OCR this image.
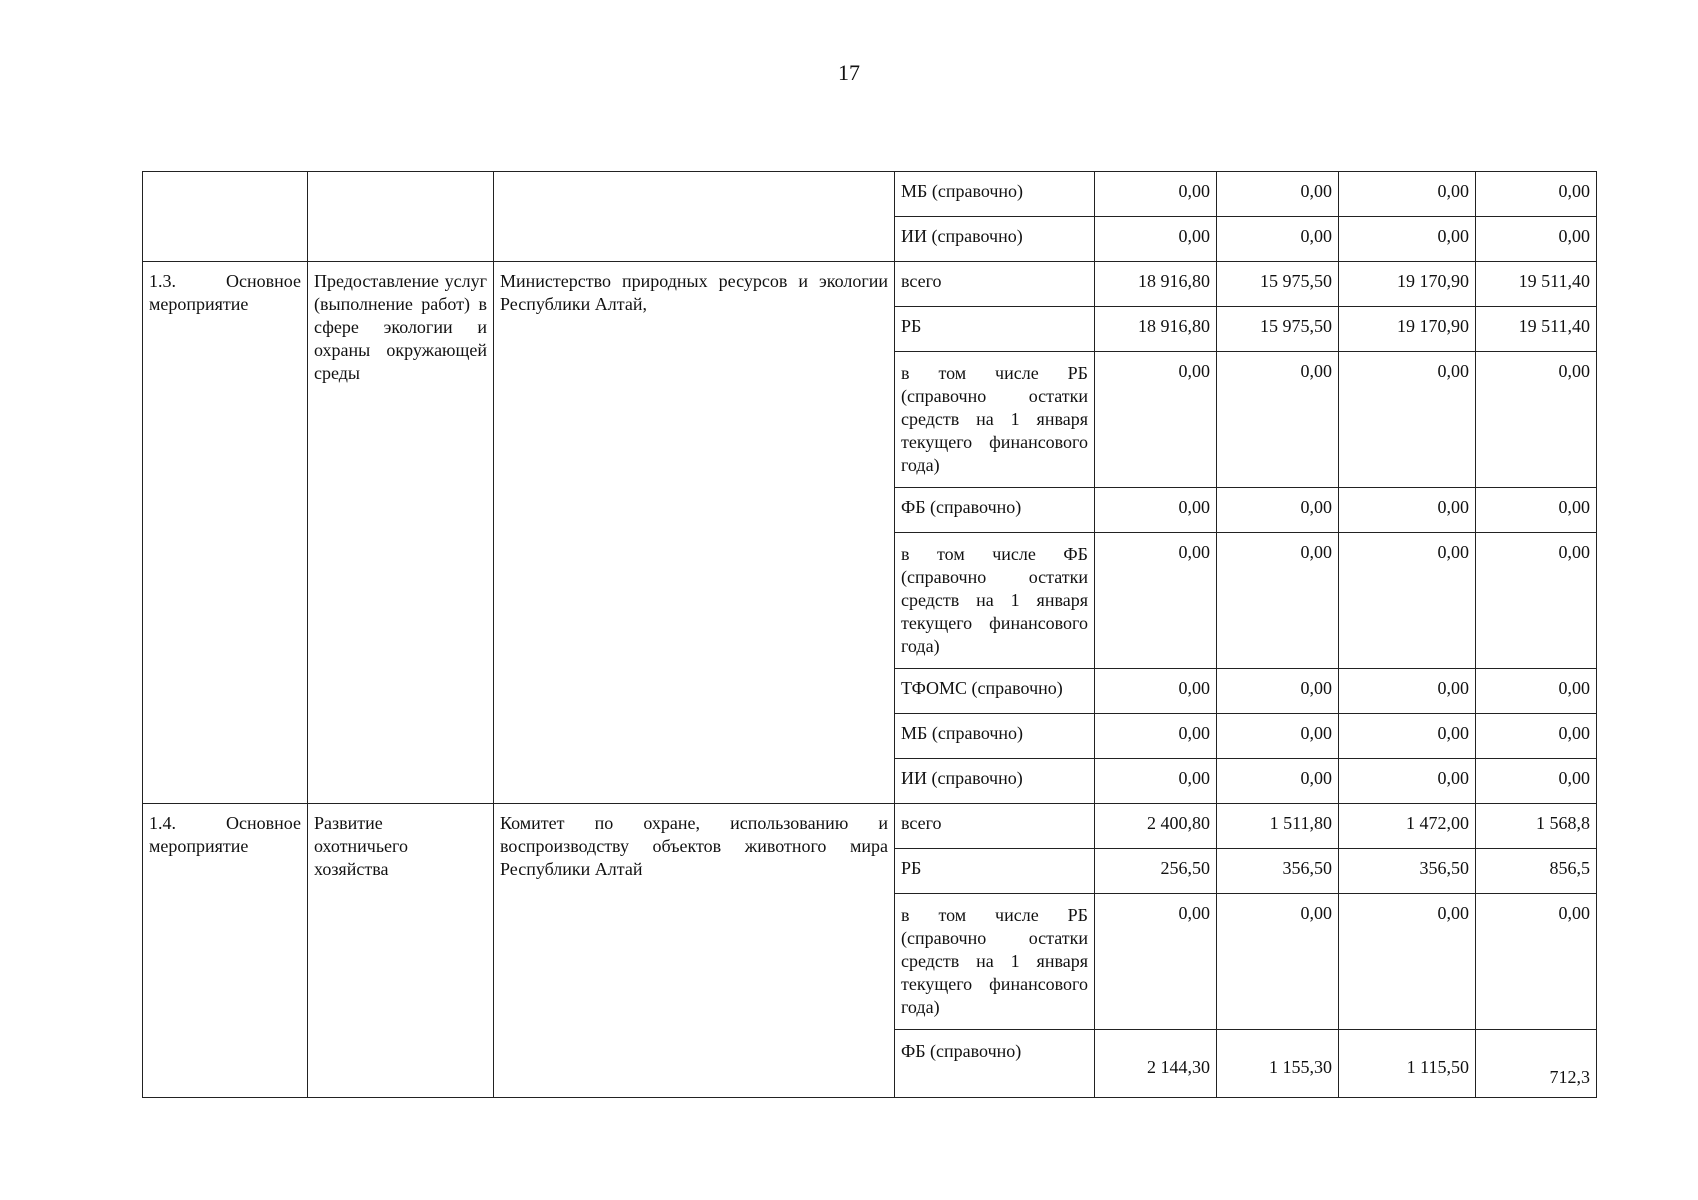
17
			МБ (справочно)	0,00	0,00	0,00	0,00
			ИИ (справочно)	0,00	0,00	0,00	0,00

1.3. Основное
мероприятие	Предоставление услуг (выполнение работ) в сфере экологии и охраны окружающей среды	Министерство природных ресурсов и экологии Республики Алтай,	всего	18 916,80	15 975,50	19 170,90	19 511,40
			РБ	18 916,80	15 975,50	19 170,90	19 511,40
			в том числе РБ (справочно остатки средств на 1 января текущего финансового года)	0,00	0,00	0,00	0,00
			ФБ (справочно)	0,00	0,00	0,00	0,00
			в том числе ФБ (справочно остатки средств на 1 января текущего финансового года)	0,00	0,00	0,00	0,00
			ТФОМС (справочно)	0,00	0,00	0,00	0,00
			МБ (справочно)	0,00	0,00	0,00	0,00
			ИИ (справочно)	0,00	0,00	0,00	0,00

1.4. Основное
мероприятие	Развитие охотничьего хозяйства	Комитет по охране, использованию и воспроизводству объектов животного мира Республики Алтай	всего	2 400,80	1 511,80	1 472,00	1 568,8
			РБ	256,50	356,50	356,50	856,5
			в том числе РБ (справочно остатки средств на 1 января текущего финансового года)	0,00	0,00	0,00	0,00
			ФБ (справочно)	2 144,30	1 155,30	1 115,50	712,3
